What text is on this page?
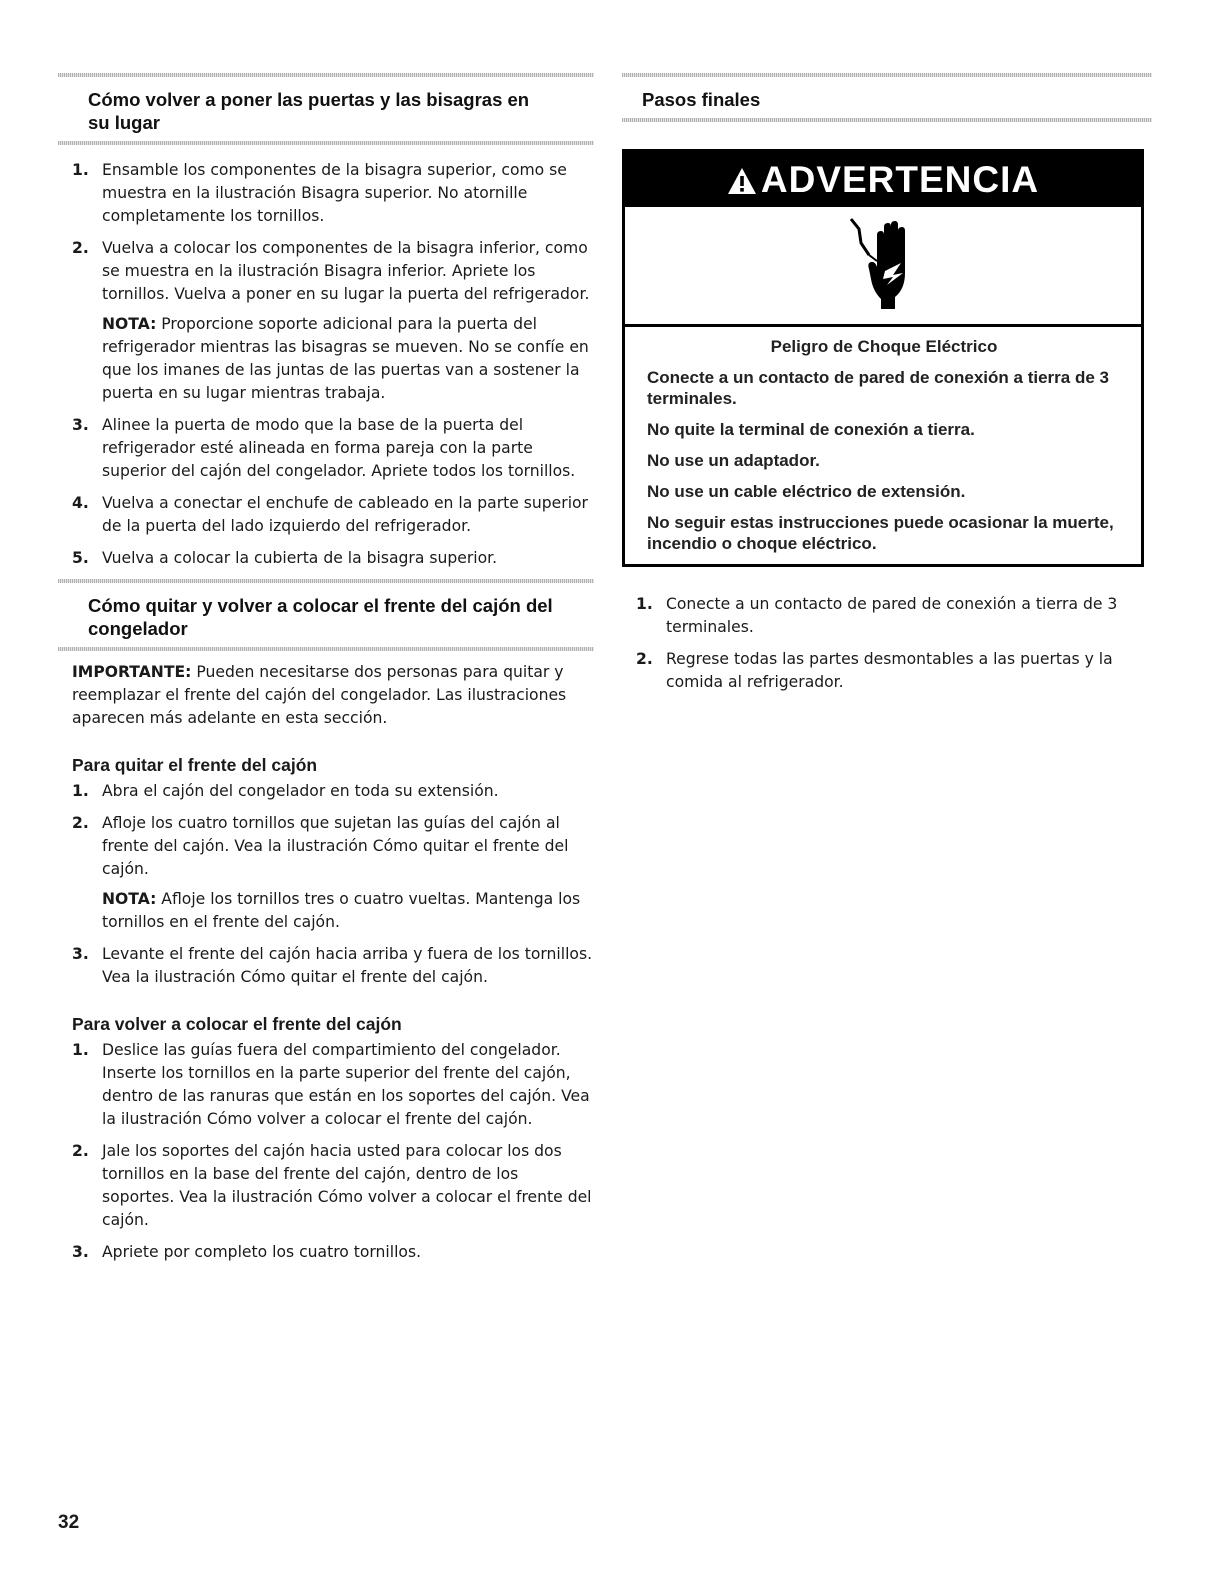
Cómo volver a poner las puertas y las bisagras en su lugar
1. Ensamble los componentes de la bisagra superior, como se muestra en la ilustración Bisagra superior. No atornille completamente los tornillos.
2. Vuelva a colocar los componentes de la bisagra inferior, como se muestra en la ilustración Bisagra inferior. Apriete los tornillos. Vuelva a poner en su lugar la puerta del refrigerador.
NOTA: Proporcione soporte adicional para la puerta del refrigerador mientras las bisagras se mueven. No se confíe en que los imanes de las juntas de las puertas van a sostener la puerta en su lugar mientras trabaja.
3. Alinee la puerta de modo que la base de la puerta del refrigerador esté alineada en forma pareja con la parte superior del cajón del congelador. Apriete todos los tornillos.
4. Vuelva a conectar el enchufe de cableado en la parte superior de la puerta del lado izquierdo del refrigerador.
5. Vuelva a colocar la cubierta de la bisagra superior.
Cómo quitar y volver a colocar el frente del cajón del congelador

IMPORTANTE: Pueden necesitarse dos personas para quitar y reemplazar el frente del cajón del congelador. Las ilustraciones aparecen más adelante en esta sección.

Para quitar el frente del cajón
1. Abra el cajón del congelador en toda su extensión.
2. Afloje los cuatro tornillos que sujetan las guías del cajón al frente del cajón. Vea la ilustración Cómo quitar el frente del cajón.
NOTA: Afloje los tornillos tres o cuatro vueltas. Mantenga los tornillos en el frente del cajón.
3. Levante el frente del cajón hacia arriba y fuera de los tornillos. Vea la ilustración Cómo quitar el frente del cajón.
Para volver a colocar el frente del cajón
1. Deslice las guías fuera del compartimiento del congelador. Inserte los tornillos en la parte superior del frente del cajón, dentro de las ranuras que están en los soportes del cajón. Vea la ilustración Cómo volver a colocar el frente del cajón.
2. Jale los soportes del cajón hacia usted para colocar los dos tornillos en la base del frente del cajón, dentro de los soportes. Vea la ilustración Cómo volver a colocar el frente del cajón.
3. Apriete por completo los cuatro tornillos.
Pasos finales
ADVERTENCIA
Peligro de Choque Eléctrico
Conecte a un contacto de pared de conexión a tierra de 3 terminales.
No quite la terminal de conexión a tierra.
No use un adaptador.
No use un cable eléctrico de extensión.
No seguir estas instrucciones puede ocasionar la muerte, incendio o choque eléctrico.
1. Conecte a un contacto de pared de conexión a tierra de 3 terminales.
2. Regrese todas las partes desmontables a las puertas y la comida al refrigerador.
32
